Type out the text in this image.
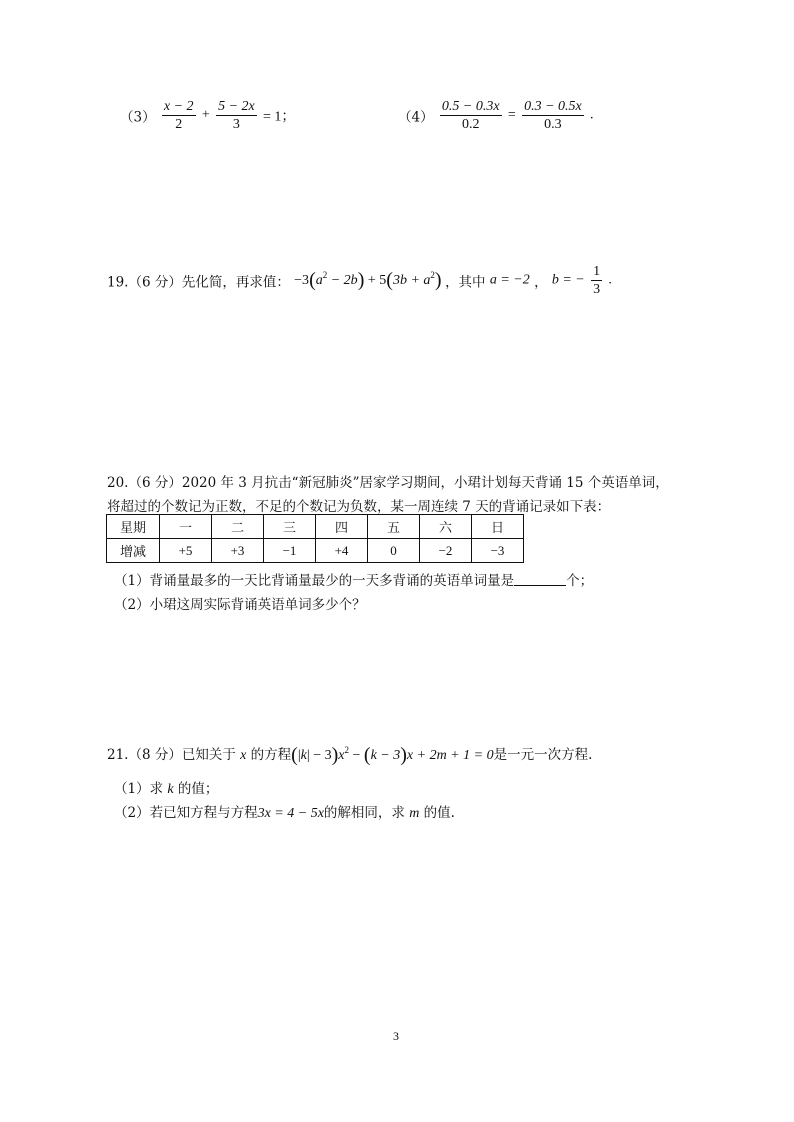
$(3) \frac{x - 2}{2} + \frac{5 - 2x}{3} = 1$；	$(4) \frac{0.5 - 0.3x}{0.2} = \frac{0.3 - 0.5x}{0.3}$ .
19.（6 分）先化简，再求值： $-3(a^2 - 2b) + 5(3b + a^2)$ ，其中 a = −2 ， b = − $\frac{1}{3}$ .
20.（6 分）2020 年 3 月抗击“新冠肺炎”居家学习期间，小珺计划每天背诵 15 个英语单词，
将超过的个数记为正数，不足的个数记为负数，某一周连续 7 天的背诵记录如下表：
星期	一	二	三	四	五	六	日
增减	+5	+3	−1	+4	0	−2	−3
（1）背诵量最多的一天比背诵量最少的一天多背诵的英语单词量是	个；
（2）小珺这周实际背诵英语单词多少个？
21.（8 分）已知关于 x 的方程$(|k| - 3)x^2 - (k - 3)x + 2m + 1 = 0$是一元一次方程.
（1）求 k 的值；
（2）若已知方程与方程3x = 4 − 5x的解相同，求 m 的值.
3
